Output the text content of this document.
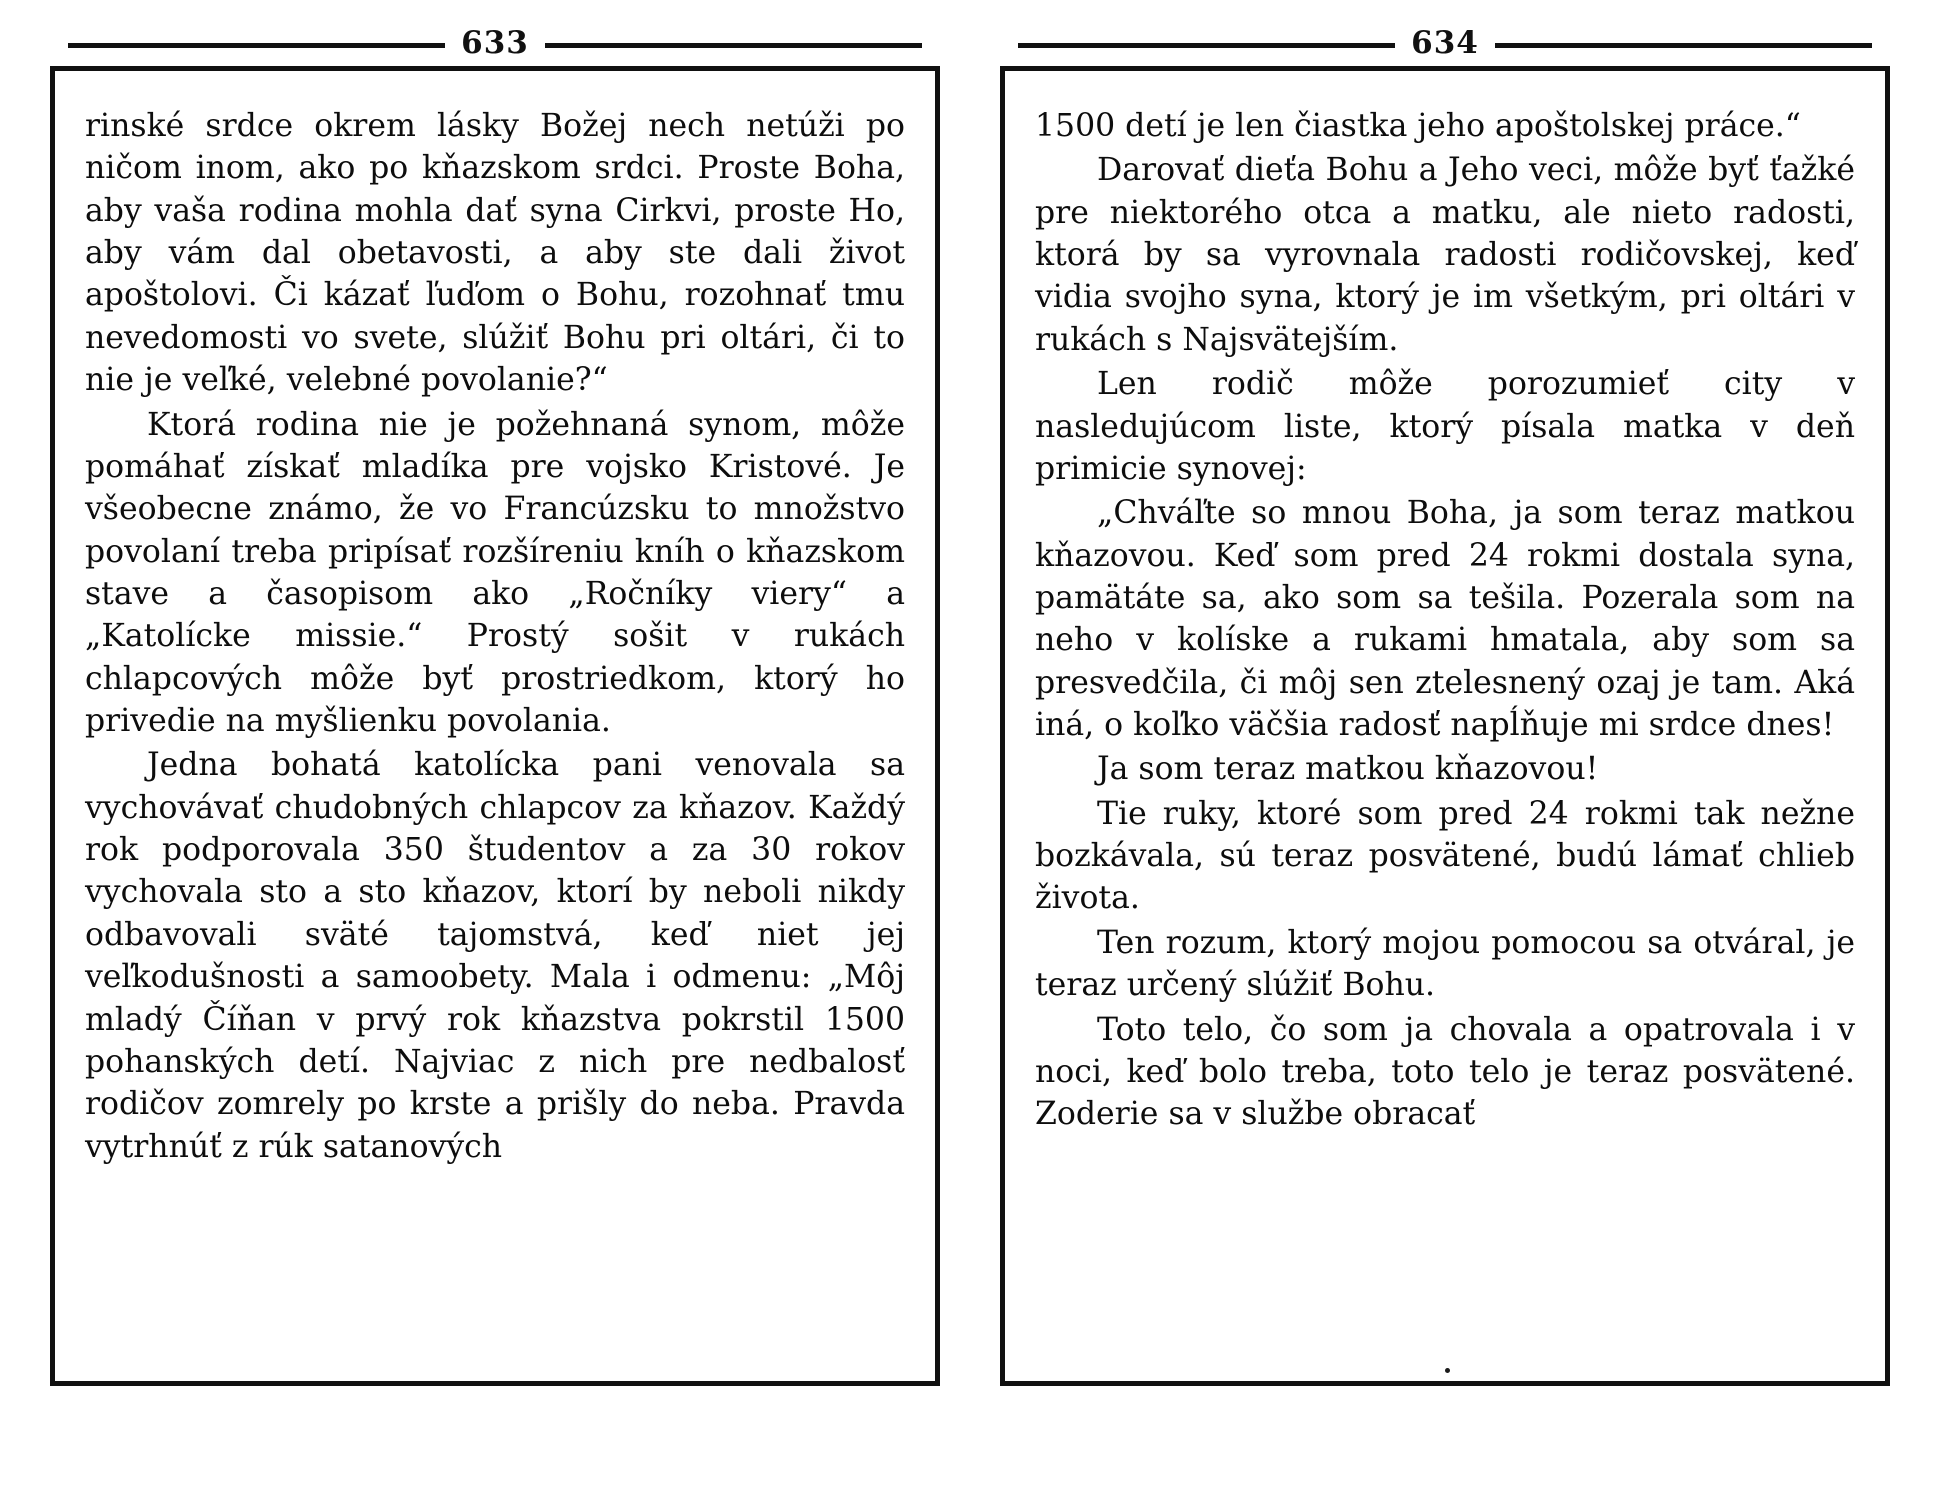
633

rinské srdce okrem lásky Božej nech netúži po ničom inom, ako po kňazskom srdci. Proste Boha, aby vaša rodina mohla dať syna Cirkvi, proste Ho, aby vám dal obetavosti, a aby ste dali život apoštolovi. Či kázať ľuďom o Bohu, rozohnať tmu nevedomosti vo svete, slúžiť Bohu pri oltári, či to nie je veľké, velebné povolanie?“

Ktorá rodina nie je požehnaná synom, môže pomáhať získať mladíka pre vojsko Kristové. Je všeobecne známo, že vo Francúzsku to množstvo povolaní treba pripísať rozšíreniu kníh o kňazskom stave a časopisom ako „Ročníky viery“ a „Katolícke missie.“ Prostý sošit v rukách chlapcových môže byť prostriedkom, ktorý ho privedie na myšlienku povolania.

Jedna bohatá katolícka pani venovala sa vychovávať chudobných chlapcov za kňazov. Každý rok podporovala 350 študentov a za 30 rokov vychovala sto a sto kňazov, ktorí by neboli nikdy odbavovali sväté tajomstvá, keď niet jej veľkodušnosti a samoobety. Mala i odmenu: „Môj mladý Číňan v prvý rok kňazstva pokrstil 1500 pohanských detí. Najviac z nich pre nedbalosť rodičov zomrely po krste a prišly do neba. Pravda vytrhnúť z rúk satanových

634

1500 detí je len čiastka jeho apoštolskej práce.“

Darovať dieťa Bohu a Jeho veci, môže byť ťažké pre niektorého otca a matku, ale nieto radosti, ktorá by sa vyrovnala radosti rodičovskej, keď vidia svojho syna, ktorý je im všetkým, pri oltári v rukách s Najsvätejším.

Len rodič môže porozumieť city v nasledujúcom liste, ktorý písala matka v deň primicie synovej:

„Chváľte so mnou Boha, ja som teraz matkou kňazovou. Keď som pred 24 rokmi dostala syna, pamätáte sa, ako som sa tešila. Pozerala som na neho v kolíske a rukami hmatala, aby som sa presvedčila, či môj sen ztelesnený ozaj je tam. Aká iná, o koľko väčšia radosť napĺňuje mi srdce dnes!

Ja som teraz matkou kňazovou!

Tie ruky, ktoré som pred 24 rokmi tak nežne bozkávala, sú teraz posvätené, budú lámať chlieb života.

Ten rozum, ktorý mojou pomocou sa otváral, je teraz určený slúžiť Bohu.

Toto telo, čo som ja chovala a opatrovala i v noci, keď bolo treba, toto telo je teraz posvätené. Zoderie sa v službe obracať
